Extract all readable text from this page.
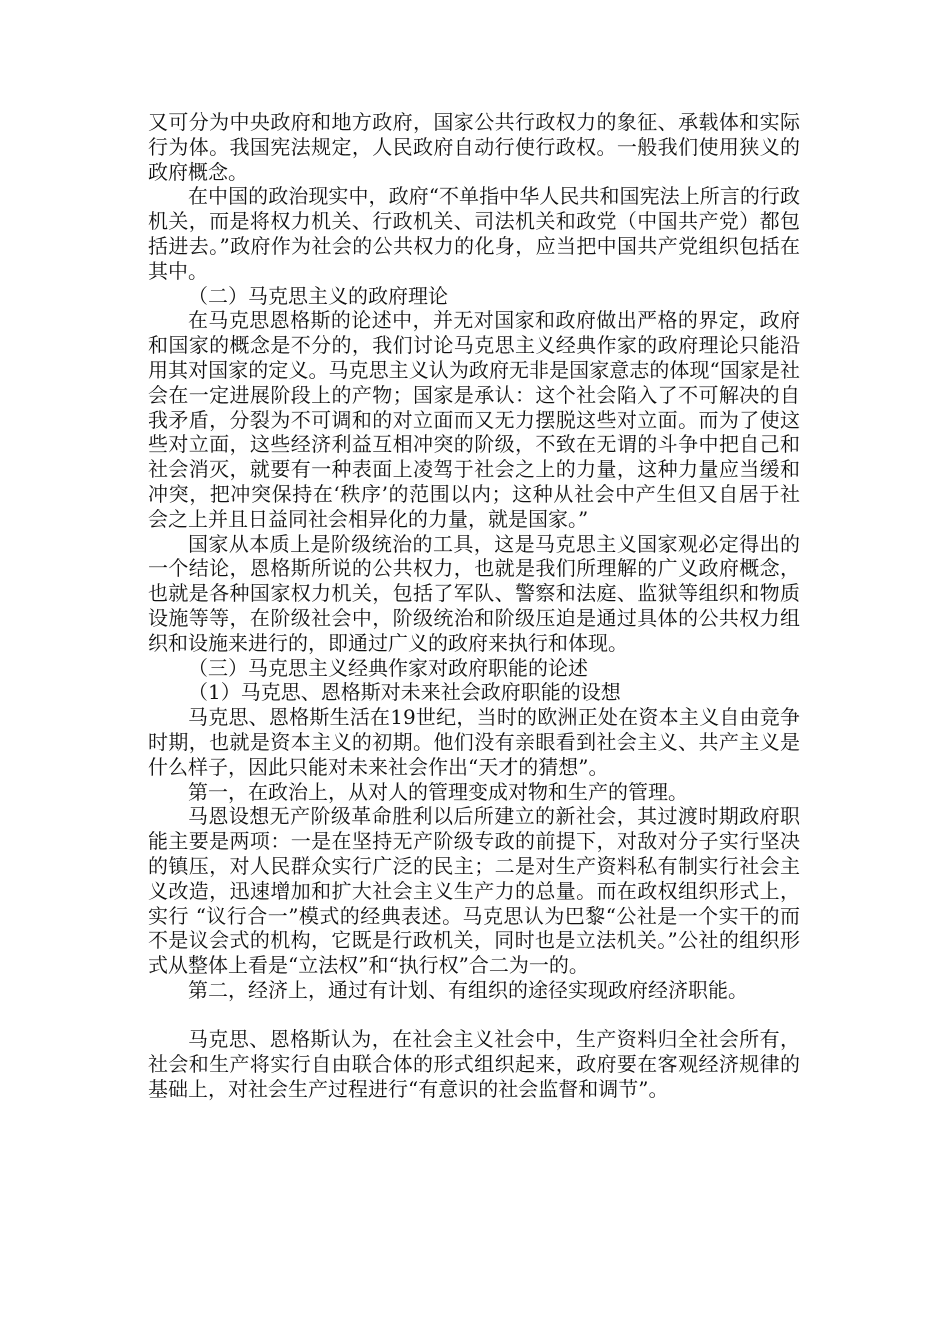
又可分为中央政府和地方政府，国家公共行政权力的象征、承载体和实际行为体。我国宪法规定，人民政府自动行使行政权。一般我们使用狭义的政府概念。

在中国的政治现实中，政府“不单指中华人民共和国宪法上所言的行政机关，而是将权力机关、行政机关、司法机关和政党（中国共产党）都包括进去。”政府作为社会的公共权力的化身，应当把中国共产党组织包括在其中。

（二）马克思主义的政府理论

在马克思恩格斯的论述中，并无对国家和政府做出严格的界定，政府和国家的概念是不分的，我们讨论马克思主义经典作家的政府理论只能沿用其对国家的定义。马克思主义认为政府无非是国家意志的体现“国家是社会在一定进展阶段上的产物；国家是承认：这个社会陷入了不可解决的自我矛盾，分裂为不可调和的对立面而又无力摆脱这些对立面。而为了使这些对立面，这些经济利益互相冲突的阶级，不致在无谓的斗争中把自己和社会消灭，就要有一种表面上凌驾于社会之上的力量，这种力量应当缓和冲突，把冲突保持在‘秩序’的范围以内；这种从社会中产生但又自居于社会之上并且日益同社会相异化的力量，就是国家。”

国家从本质上是阶级统治的工具，这是马克思主义国家观必定得出的一个结论，恩格斯所说的公共权力，也就是我们所理解的广义政府概念，也就是各种国家权力机关，包括了军队、警察和法庭、监狱等组织和物质设施等等，在阶级社会中，阶级统治和阶级压迫是通过具体的公共权力组织和设施来进行的，即通过广义的政府来执行和体现。

（三）马克思主义经典作家对政府职能的论述

（1）马克思、恩格斯对未来社会政府职能的设想

马克思、恩格斯生活在19世纪，当时的欧洲正处在资本主义自由竞争时期，也就是资本主义的初期。他们没有亲眼看到社会主义、共产主义是什么样子，因此只能对未来社会作出“天才的猜想”。

第一，在政治上，从对人的管理变成对物和生产的管理。

马恩设想无产阶级革命胜利以后所建立的新社会，其过渡时期政府职能主要是两项：一是在坚持无产阶级专政的前提下，对敌对分子实行坚决的镇压，对人民群众实行广泛的民主；二是对生产资料私有制实行社会主义改造，迅速增加和扩大社会主义生产力的总量。而在政权组织形式上，实行 “议行合一”模式的经典表述。马克思认为巴黎“公社是一个实干的而不是议会式的机构，它既是行政机关，同时也是立法机关。”公社的组织形式从整体上看是“立法权”和“执行权”合二为一的。

第二，经济上，通过有计划、有组织的途径实现政府经济职能。

马克思、恩格斯认为，在社会主义社会中，生产资料归全社会所有，社会和生产将实行自由联合体的形式组织起来，政府要在客观经济规律的基础上，对社会生产过程进行“有意识的社会监督和调节”。
